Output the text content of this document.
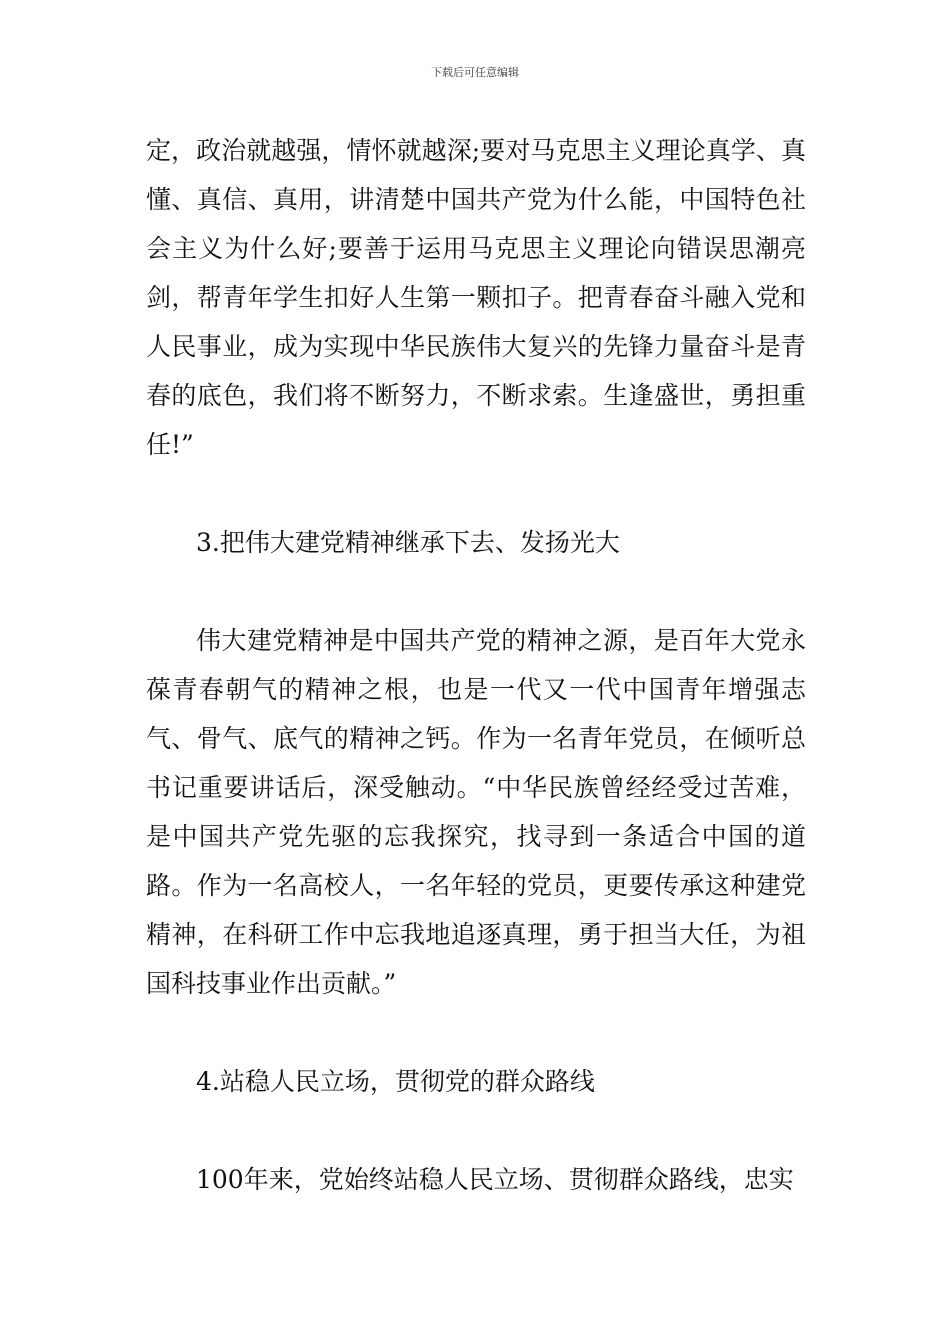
下载后可任意编辑

定，政治就越强，情怀就越深;要对马克思主义理论真学、真懂、真信、真用，讲清楚中国共产党为什么能，中国特色社会主义为什么好;要善于运用马克思主义理论向错误思潮亮剑，帮青年学生扣好人生第一颗扣子。把青春奋斗融入党和人民事业，成为实现中华民族伟大复兴的先锋力量奋斗是青春的底色，我们将不断努力，不断求索。生逢盛世，勇担重任!”

3.把伟大建党精神继承下去、发扬光大

伟大建党精神是中国共产党的精神之源，是百年大党永葆青春朝气的精神之根，也是一代又一代中国青年增强志气、骨气、底气的精神之钙。作为一名青年党员，在倾听总书记重要讲话后，深受触动。“中华民族曾经经受过苦难，是中国共产党先驱的忘我探究，找寻到一条适合中国的道路。作为一名高校人，一名年轻的党员，更要传承这种建党精神，在科研工作中忘我地追逐真理，勇于担当大任，为祖国科技事业作出贡献。”

4.站稳人民立场，贯彻党的群众路线

100年来，党始终站稳人民立场、贯彻群众路线，忠实
